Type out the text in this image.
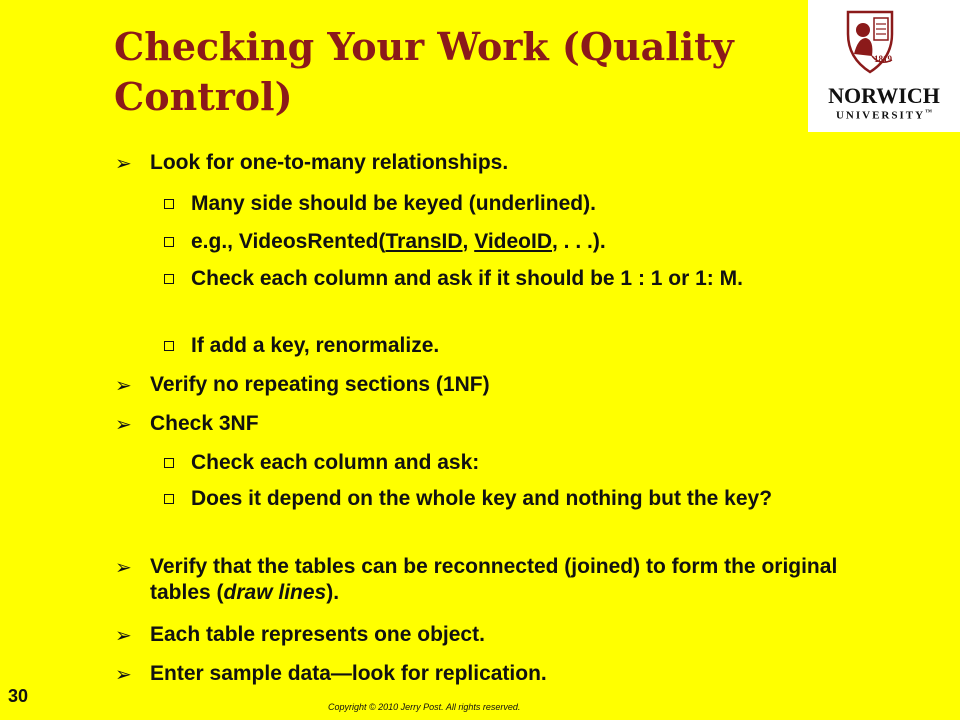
Checking Your Work (Quality Control)
1819
NORWICH
UNIVERSITY™
➢ Look for one-to-many relationships.
Many side should be keyed (underlined).
e.g., VideosRented(TransID, VideoID, . . .).
Check each column and ask if it should be 1 : 1 or 1: M.
If add a key, renormalize.
➢ Verify no repeating sections (1NF)
➢ Check 3NF
Check each column and ask:
Does it depend on the whole key and nothing but the key?
➢ Verify that the tables can be reconnected (joined) to form the original tables (draw lines).
➢ Each table represents one object.
➢ Enter sample data—look for replication.
30
Copyright © 2010 Jerry Post. All rights reserved.
